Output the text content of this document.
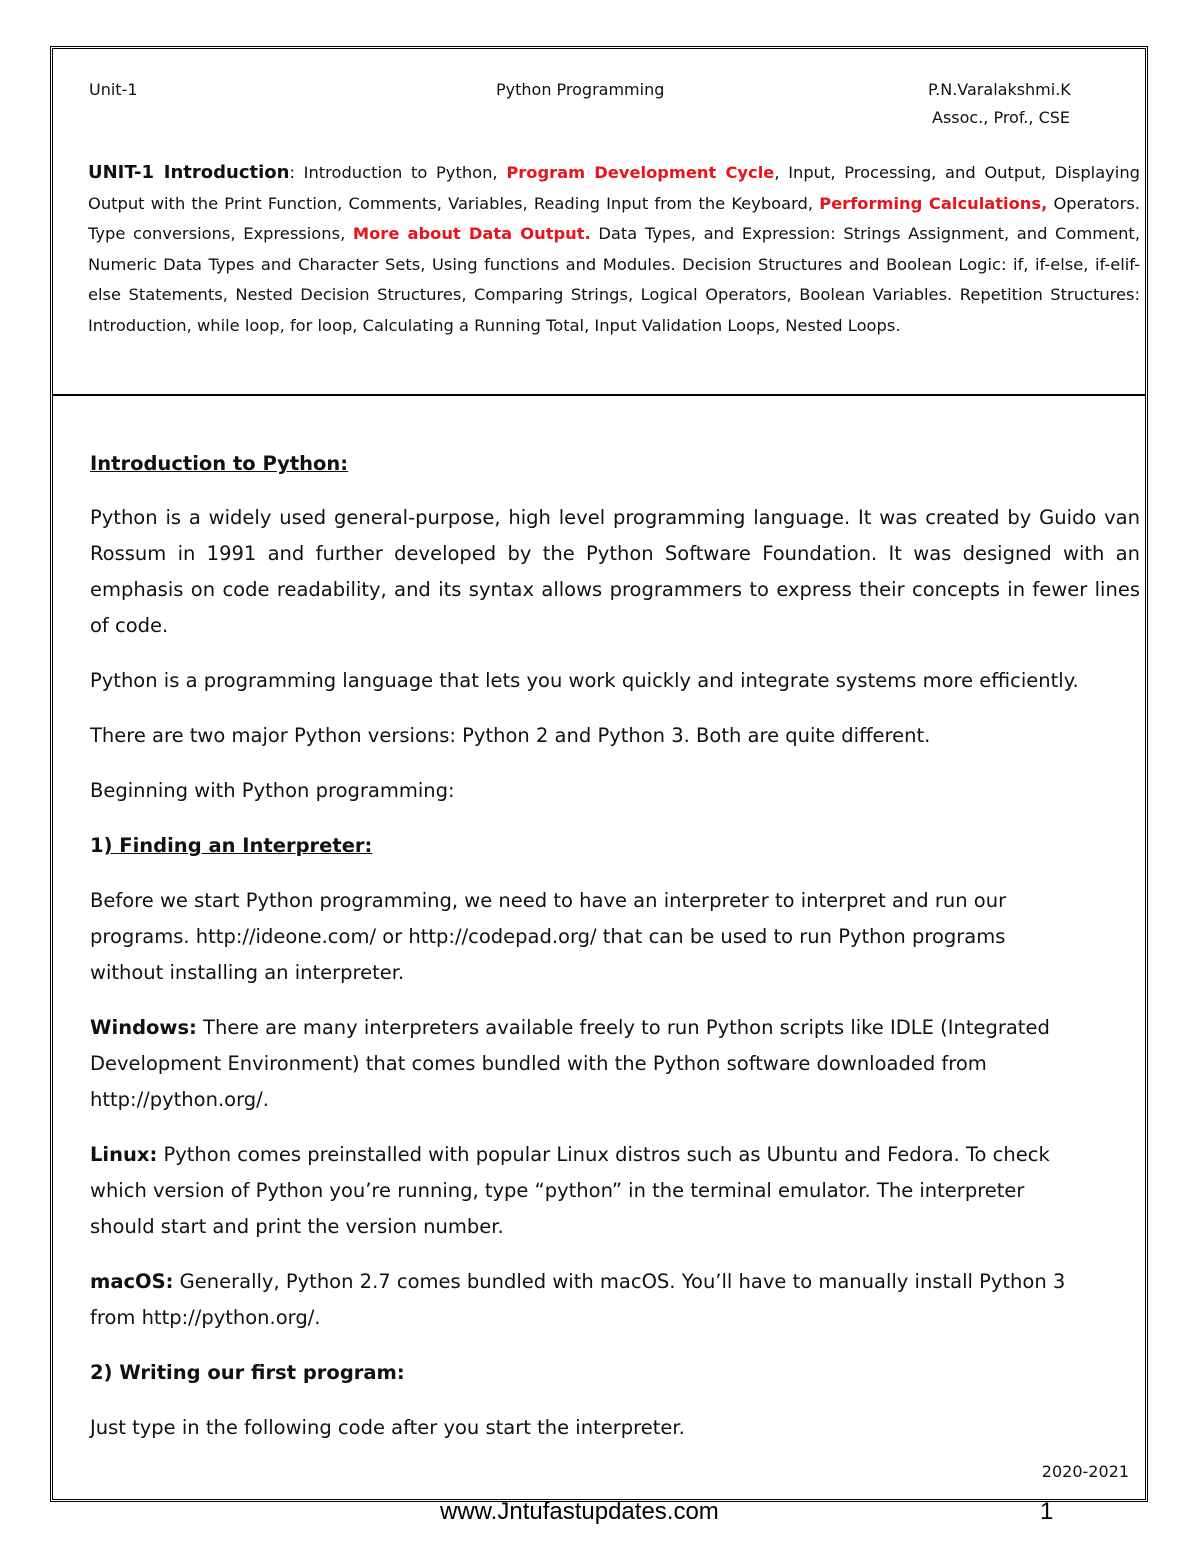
Unit-1	Python Programming	P.N.Varalakshmi.K
Assoc., Prof., CSE
UNIT-1 Introduction: Introduction to Python, Program Development Cycle, Input, Processing, and Output, Displaying Output with the Print Function, Comments, Variables, Reading Input from the Keyboard, Performing Calculations, Operators. Type conversions, Expressions, More about Data Output. Data Types, and Expression: Strings Assignment, and Comment, Numeric Data Types and Character Sets, Using functions and Modules. Decision Structures and Boolean Logic: if, if-else, if-elif-else Statements, Nested Decision Structures, Comparing Strings, Logical Operators, Boolean Variables. Repetition Structures: Introduction, while loop, for loop, Calculating a Running Total, Input Validation Loops, Nested Loops.

Introduction to Python:

Python is a widely used general-purpose, high level programming language. It was created by Guido van Rossum in 1991 and further developed by the Python Software Foundation. It was designed with an emphasis on code readability, and its syntax allows programmers to express their concepts in fewer lines of code.

Python is a programming language that lets you work quickly and integrate systems more efficiently.

There are two major Python versions: Python 2 and Python 3. Both are quite different.

Beginning with Python programming:

1) Finding an Interpreter:

Before we start Python programming, we need to have an interpreter to interpret and run our
programs. http://ideone.com/ or http://codepad.org/ that can be used to run Python programs
without installing an interpreter.

Windows: There are many interpreters available freely to run Python scripts like IDLE (Integrated
Development Environment) that comes bundled with the Python software downloaded from
http://python.org/.

Linux: Python comes preinstalled with popular Linux distros such as Ubuntu and Fedora. To check
which version of Python you’re running, type “python” in the terminal emulator. The interpreter
should start and print the version number.

macOS: Generally, Python 2.7 comes bundled with macOS. You’ll have to manually install Python 3
from http://python.org/.

2) Writing our first program:

Just type in the following code after you start the interpreter.

2020-2021
www.Jntufastupdates.com	1
